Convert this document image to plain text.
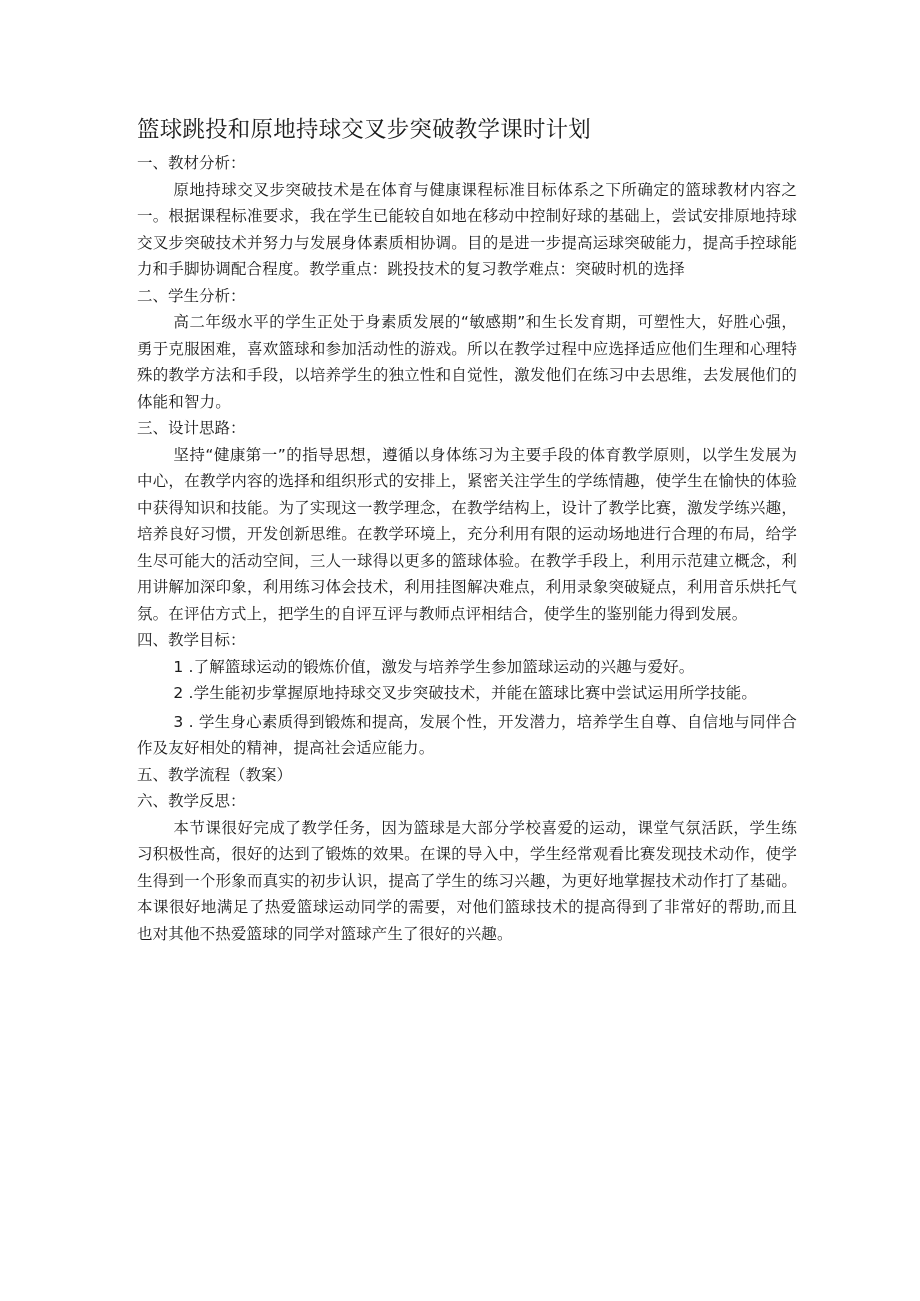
篮球跳投和原地持球交叉步突破教学课时计划

一、教材分析：

原地持球交叉步突破技术是在体育与健康课程标准目标体系之下所确定的篮球教材内容之一。根据课程标准要求，我在学生已能较自如地在移动中控制好球的基础上，尝试安排原地持球交叉步突破技术并努力与发展身体素质相协调。目的是进一步提高运球突破能力，提高手控球能力和手脚协调配合程度。教学重点：跳投技术的复习教学难点：突破时机的选择

二、学生分析：

高二年级水平的学生正处于身素质发展的“敏感期”和生长发育期，可塑性大，好胜心强，勇于克服困难，喜欢篮球和参加活动性的游戏。所以在教学过程中应选择适应他们生理和心理特殊的教学方法和手段，以培养学生的独立性和自觉性，激发他们在练习中去思维，去发展他们的体能和智力。

三、设计思路：

坚持“健康第一”的指导思想，遵循以身体练习为主要手段的体育教学原则，以学生发展为中心，在教学内容的选择和组织形式的安排上，紧密关注学生的学练情趣，使学生在愉快的体验中获得知识和技能。为了实现这一教学理念，在教学结构上，设计了教学比赛，激发学练兴趣，培养良好习惯，开发创新思维。在教学环境上，充分利用有限的运动场地进行合理的布局，给学生尽可能大的活动空间，三人一球得以更多的篮球体验。在教学手段上，利用示范建立概念，利用讲解加深印象，利用练习体会技术，利用挂图解决难点，利用录象突破疑点，利用音乐烘托气氛。在评估方式上，把学生的自评互评与教师点评相结合，使学生的鉴别能力得到发展。

四、教学目标：

1 .了解篮球运动的锻炼价值，激发与培养学生参加篮球运动的兴趣与爱好。

2 .学生能初步掌握原地持球交叉步突破技术，并能在篮球比赛中尝试运用所学技能。

3 . 学生身心素质得到锻炼和提高，发展个性，开发潜力，培养学生自尊、自信地与同伴合作及友好相处的精神，提高社会适应能力。

五、教学流程（教案）

六、教学反思：

本节课很好完成了教学任务，因为篮球是大部分学校喜爱的运动，课堂气氛活跃，学生练习积极性高，很好的达到了锻炼的效果。在课的导入中，学生经常观看比赛发现技术动作，使学生得到一个形象而真实的初步认识，提高了学生的练习兴趣，为更好地掌握技术动作打了基础。本课很好地满足了热爱篮球运动同学的需要，对他们篮球技术的提高得到了非常好的帮助,而且也对其他不热爱篮球的同学对篮球产生了很好的兴趣。
